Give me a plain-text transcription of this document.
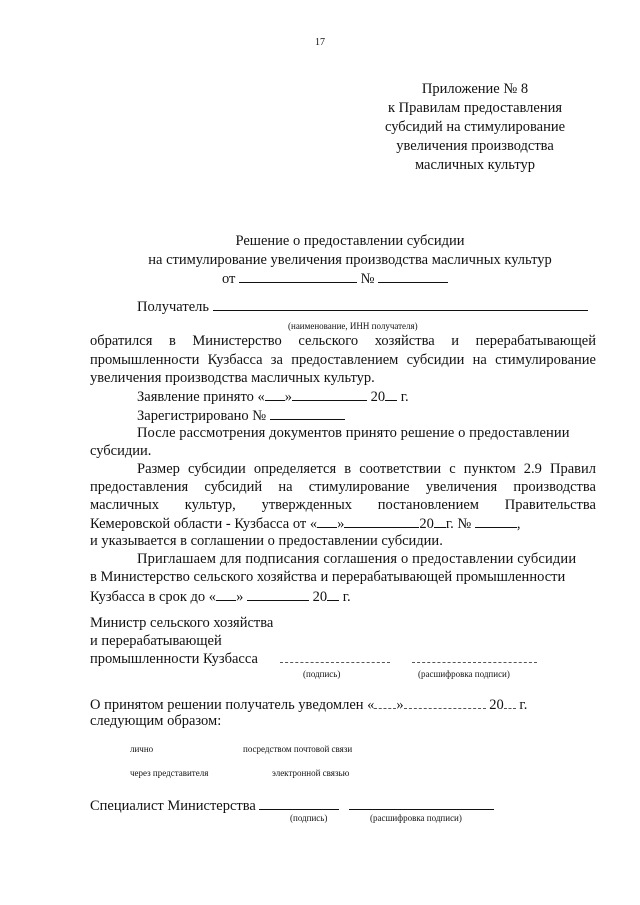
17
Приложение № 8
к Правилам предоставления
субсидий на стимулирование
увеличения производства
масличных культур
Решение о предоставлении субсидии
на стимулирование увеличения производства масличных культур
от	№
Получатель
(наименование, ИНН получателя)
обратился в Министерство сельского хозяйства и перерабатывающей
промышленности Кузбасса за предоставлением субсидии на стимулирование
увеличения производства масличных культур.
Заявление принято « »	20 г.
Зарегистрировано №
После рассмотрения документов принято решение о предоставлении
субсидии.
Размер субсидии определяется в соответствии с пунктом 2.9 Правил
предоставления субсидий на стимулирование увеличения производства
масличных культур, утвержденных постановлением Правительства
Кемеровской области - Кузбасса от « »	20 г. №	,
и указывается в соглашении о предоставлении субсидии.
Приглашаем для подписания соглашения о предоставлении субсидии
в Министерство сельского хозяйства и перерабатывающей промышленности
Кузбасса в срок до « »	20 г.
Министр сельского хозяйства
и перерабатывающей
промышленности Кузбасса
(подпись)	(расшифровка подписи)
О принятом решении получатель уведомлен « »	20 г.
следующим образом:
лично	посредством почтовой связи
через представителя	электронной связью
Специалист Министерства
(подпись)	(расшифровка подписи)
